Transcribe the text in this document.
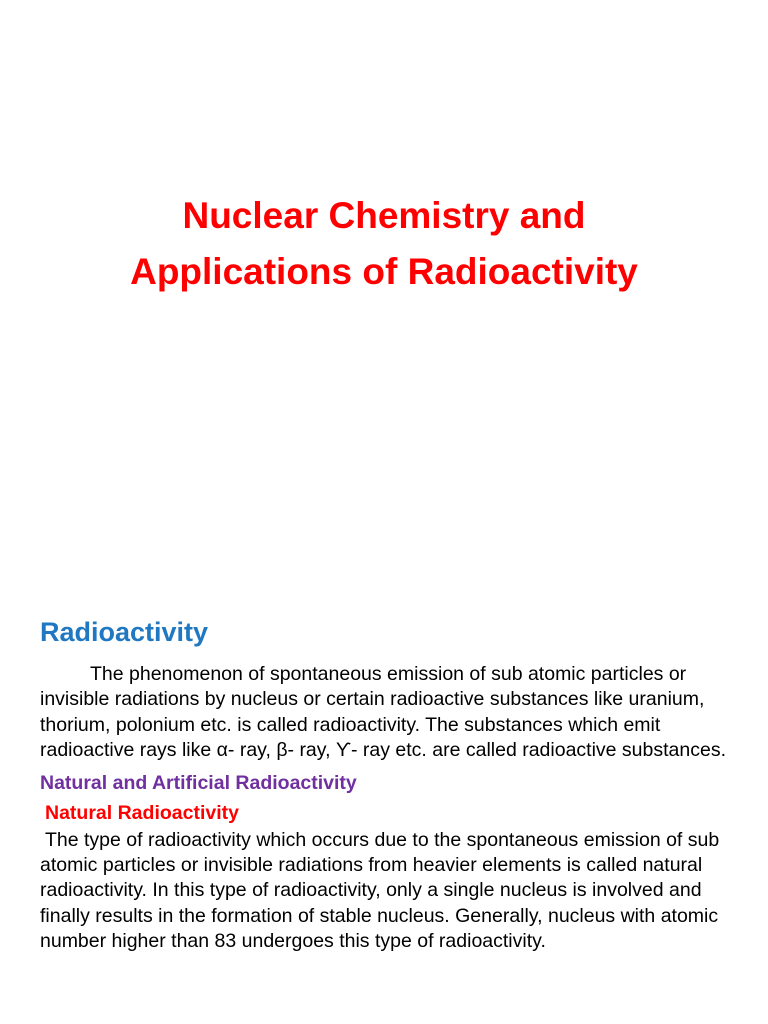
Nuclear Chemistry and

Applications of Radioactivity

Radioactivity

The phenomenon of spontaneous emission of sub atomic particles or invisible radiations by nucleus or certain radioactive substances like uranium, thorium, polonium etc. is called radioactivity. The substances which emit radioactive rays like α- ray, β- ray, ϒ- ray etc. are called radioactive substances.

Natural and Artificial Radioactivity
Natural Radioactivity

The type of radioactivity which occurs due to the spontaneous emission of sub atomic particles or invisible radiations from heavier elements is called natural radioactivity. In this type of radioactivity, only a single nucleus is involved and finally results in the formation of stable nucleus. Generally, nucleus with atomic number higher than 83 undergoes this type of radioactivity.
